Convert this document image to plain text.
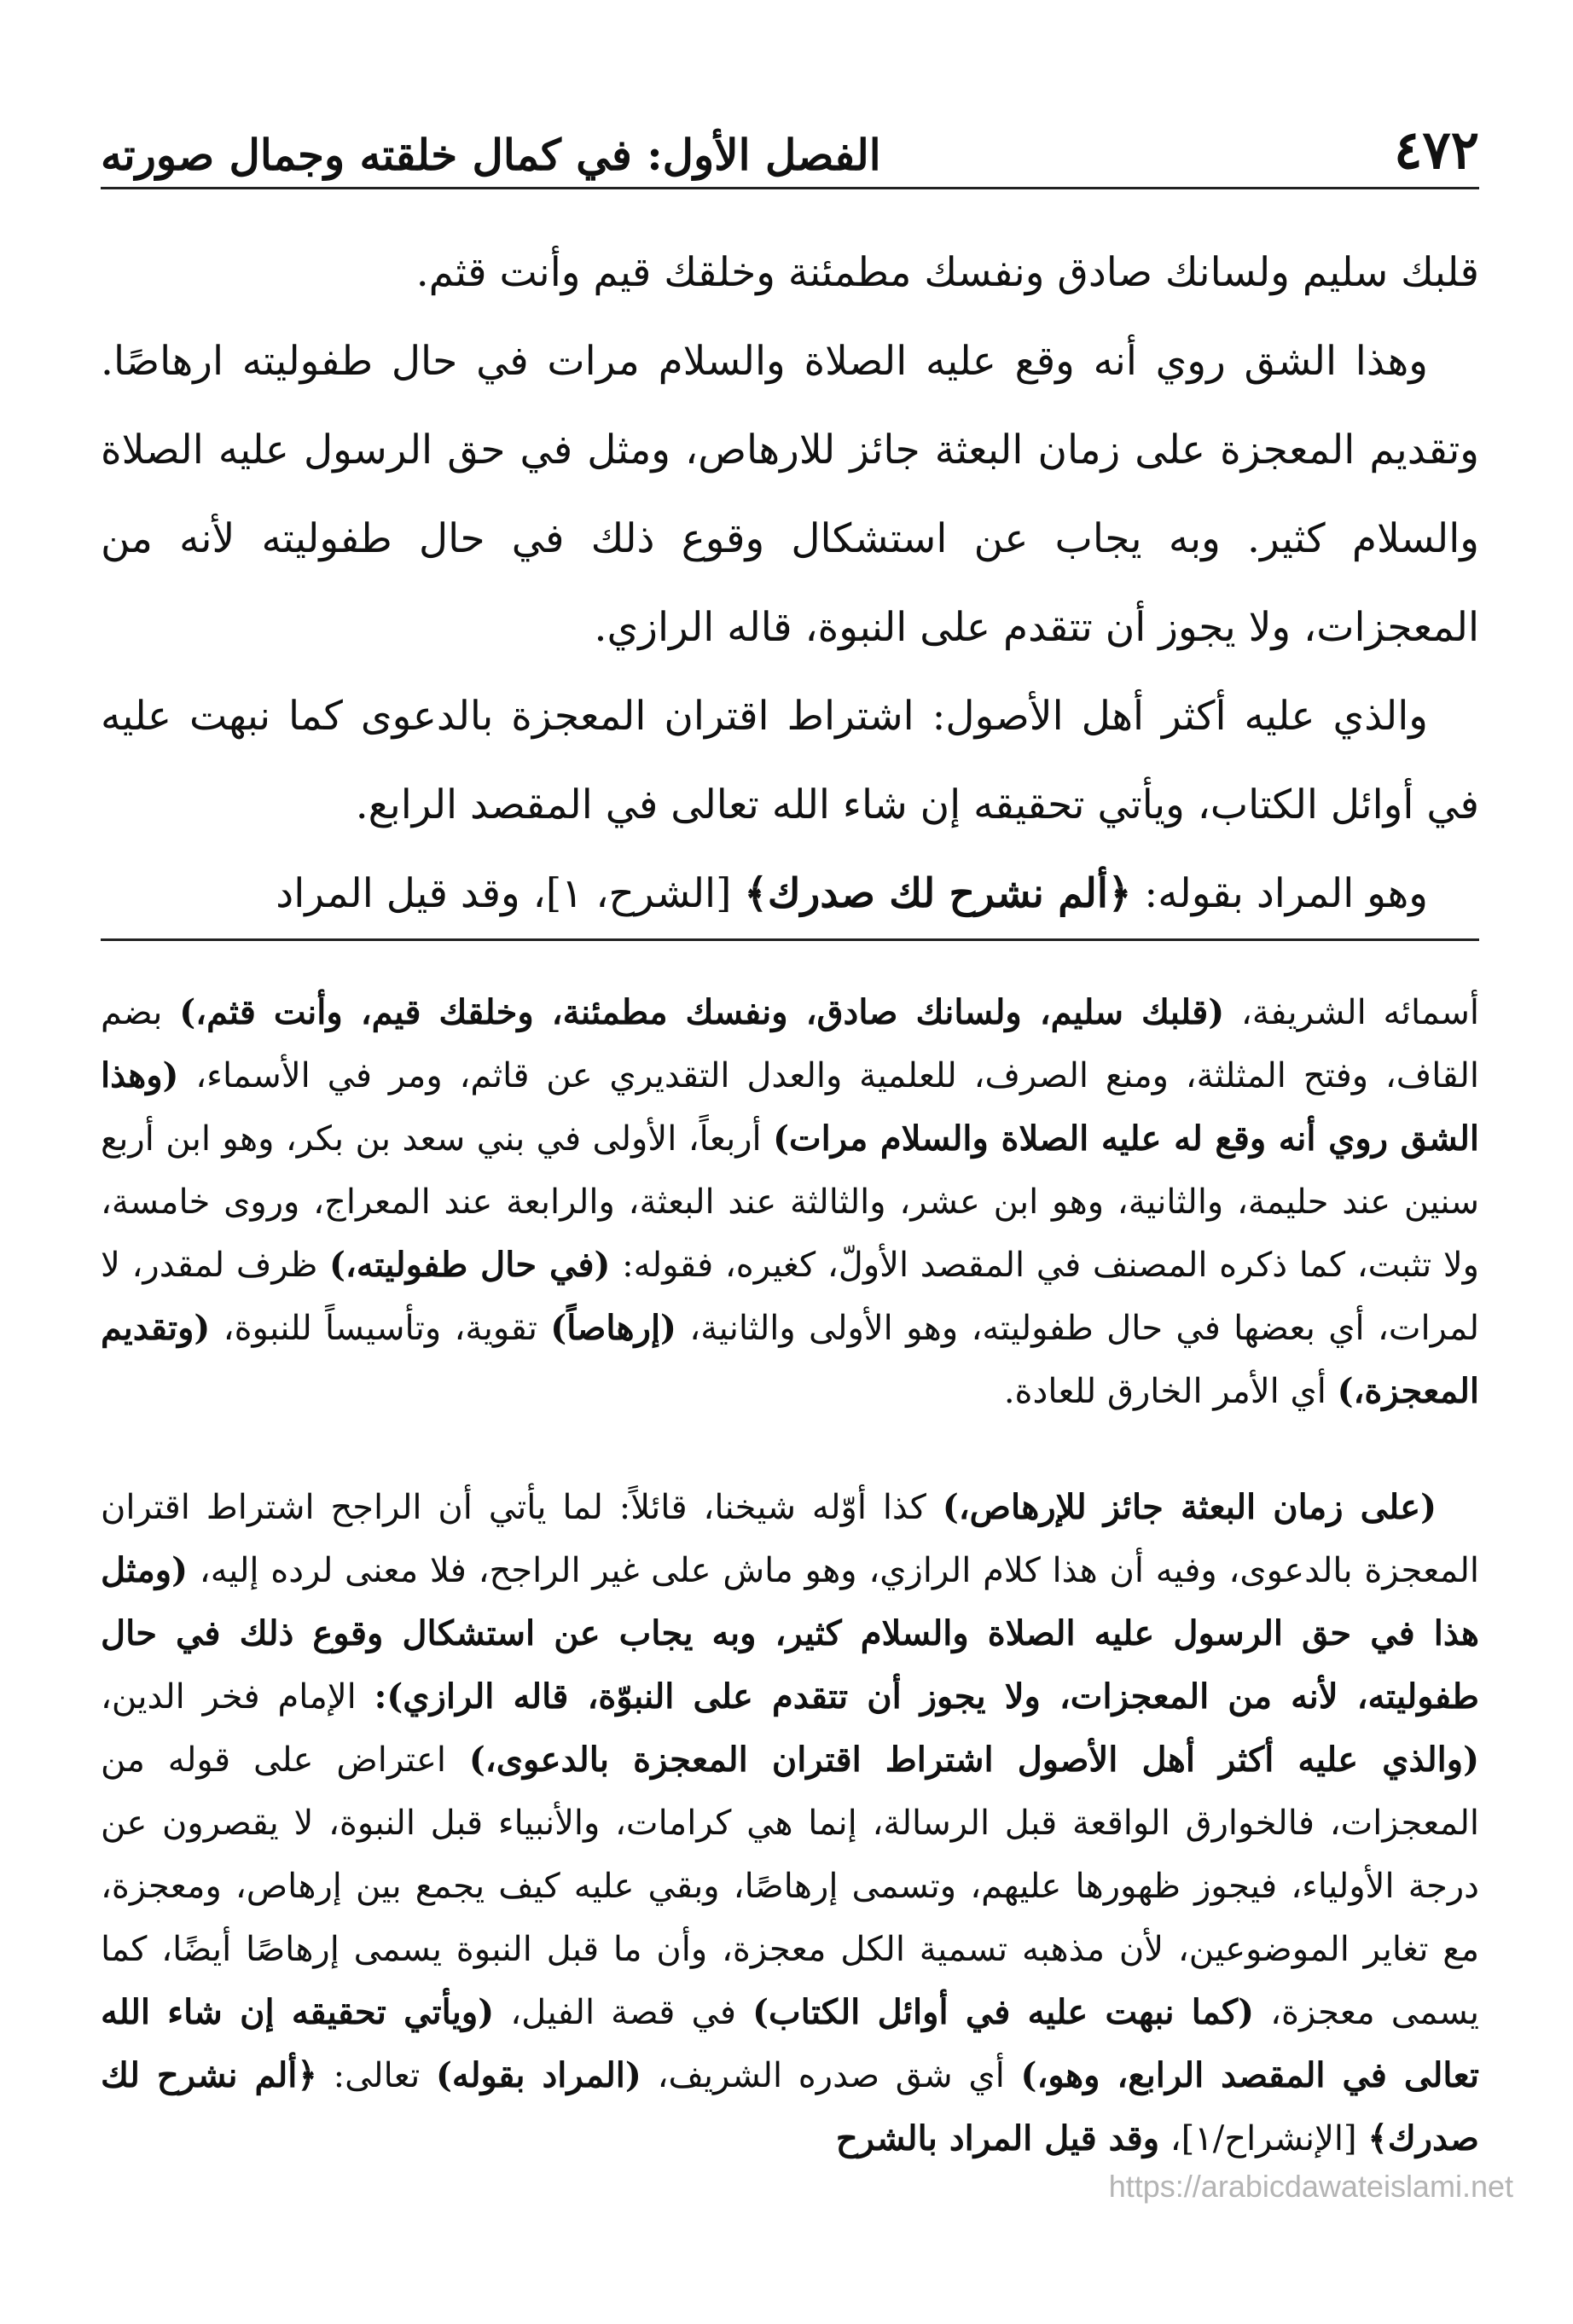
٤٧٢
الفصل الأول: في كمال خلقته وجمال صورته

قلبك سليم ولسانك صادق ونفسك مطمئنة وخلقك قيم وأنت قثم.

وهذا الشق روي أنه وقع عليه الصلاة والسلام مرات في حال طفوليته ارهاصًا. وتقديم المعجزة على زمان البعثة جائز للارهاص، ومثل في حق الرسول عليه الصلاة والسلام كثير. وبه يجاب عن استشكال وقوع ذلك في حال طفوليته لأنه من المعجزات، ولا يجوز أن تتقدم على النبوة، قاله الرازي.

والذي عليه أكثر أهل الأصول: اشتراط اقتران المعجزة بالدعوى كما نبهت عليه في أوائل الكتاب، ويأتي تحقيقه إن شاء الله تعالى في المقصد الرابع.

وهو المراد بقوله: ﴿ألم نشرح لك صدرك﴾ [الشرح، ١]، وقد قيل المراد

أسمائه الشريفة، (قلبك سليم، ولسانك صادق، ونفسك مطمئنة، وخلقك قيم، وأنت قثم،) بضم القاف، وفتح المثلثة، ومنع الصرف، للعلمية والعدل التقديري عن قاثم، ومر في الأسماء، (وهذا الشق روي أنه وقع له عليه الصلاة والسلام مرات) أربعاً، الأولى في بني سعد بن بكر، وهو ابن أربع سنين عند حليمة، والثانية، وهو ابن عشر، والثالثة عند البعثة، والرابعة عند المعراج، وروى خامسة، ولا تثبت، كما ذكره المصنف في المقصد الأولّ، كغيره، فقوله: (في حال طفوليته،) ظرف لمقدر، لا لمرات، أي بعضها في حال طفوليته، وهو الأولى والثانية، (إرهاصاً) تقوية، وتأسيساً للنبوة، (وتقديم المعجزة،) أي الأمر الخارق للعادة.

(على زمان البعثة جائز للإرهاص،) كذا أوّله شيخنا، قائلاً: لما يأتي أن الراجح اشتراط اقتران المعجزة بالدعوى، وفيه أن هذا كلام الرازي، وهو ماش على غير الراجح، فلا معنى لرده إليه، (ومثل هذا في حق الرسول عليه الصلاة والسلام كثير، وبه يجاب عن استشكال وقوع ذلك في حال طفوليته، لأنه من المعجزات، ولا يجوز أن تتقدم على النبوّة، قاله الرازي): الإمام فخر الدين، (والذي عليه أكثر أهل الأصول اشتراط اقتران المعجزة بالدعوى،) اعتراض على قوله من المعجزات، فالخوارق الواقعة قبل الرسالة، إنما هي كرامات، والأنبياء قبل النبوة، لا يقصرون عن درجة الأولياء، فيجوز ظهورها عليهم، وتسمى إرهاصًا، وبقي عليه كيف يجمع بين إرهاص، ومعجزة، مع تغاير الموضوعين، لأن مذهبه تسمية الكل معجزة، وأن ما قبل النبوة يسمى إرهاصًا أيضًا، كما يسمى معجزة، (كما نبهت عليه في أوائل الكتاب) في قصة الفيل، (ويأتي تحقيقه إن شاء الله تعالى في المقصد الرابع، وهو،) أي شق صدره الشريف، (المراد بقوله) تعالى: ﴿ألم نشرح لك صدرك﴾ [الإنشراح/١]، وقد قيل المراد بالشرح

https://arabicdawateislami.net
